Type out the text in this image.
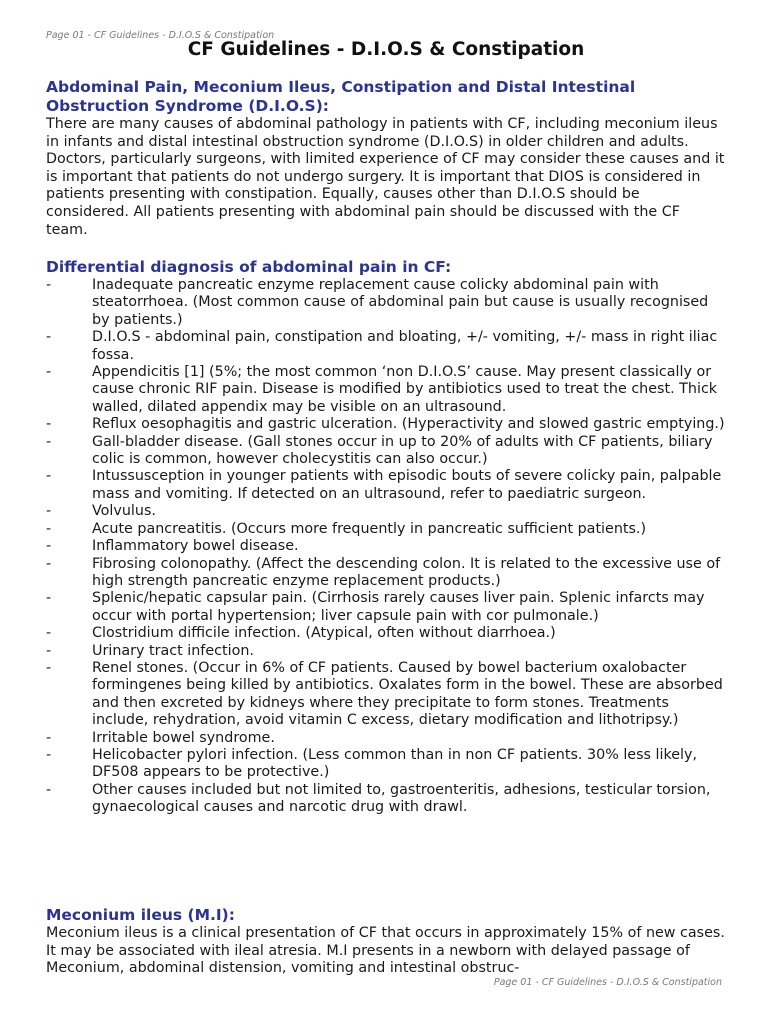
Page 01 - CF Guidelines - D.I.O.S & Constipation
CF Guidelines - D.I.O.S & Constipation
Abdominal Pain, Meconium Ileus, Constipation and Distal Intestinal Obstruction Syndrome (D.I.O.S):

There are many causes of abdominal pathology in patients with CF, including meconium ileus in infants and distal intestinal obstruction syndrome (D.I.O.S) in older children and adults. Doctors, particularly surgeons, with limited experience of CF may consider these causes and it is important that patients do not undergo surgery. It is important that DIOS is considered in patients presenting with constipation. Equally, causes other than D.I.O.S should be considered. All patients presenting with abdominal pain should be discussed with the CF team.

Differential diagnosis of abdominal pain in CF:
-	Inadequate pancreatic enzyme replacement cause colicky abdominal pain with steatorrhoea. (Most common cause of abdominal pain but cause is usually recognised by patients.)
-	D.I.O.S - abdominal pain, constipation and bloating, +/- vomiting, +/- mass in right iliac fossa.
-	Appendicitis [1] (5%; the most common ‘non D.I.O.S’ cause. May present classically or cause chronic RIF pain. Disease is modified by antibiotics used to treat the chest. Thick walled, dilated appendix may be visible on an ultrasound.
-	Reflux oesophagitis and gastric ulceration. (Hyperactivity and slowed gastric emptying.)
-	Gall-bladder disease. (Gall stones occur in up to 20% of adults with CF patients, biliary colic is common, however cholecystitis can also occur.)
-	Intussusception in younger patients with episodic bouts of severe colicky pain, palpable mass and vomiting. If detected on an ultrasound, refer to paediatric surgeon.
-	Volvulus.
-	Acute pancreatitis. (Occurs more frequently in pancreatic sufficient patients.)
-	Inflammatory bowel disease.
-	Fibrosing colonopathy. (Affect the descending colon. It is related to the excessive use of high strength pancreatic enzyme replacement products.)
-	Splenic/hepatic capsular pain. (Cirrhosis rarely causes liver pain. Splenic infarcts may occur with portal hypertension; liver capsule pain with cor pulmonale.)
-	Clostridium difficile infection. (Atypical, often without diarrhoea.)
-	Urinary tract infection.
-	Renel stones. (Occur in 6% of CF patients. Caused by bowel bacterium oxalobacter formingenes being killed by antibiotics. Oxalates form in the bowel. These are absorbed and then excreted by kidneys where they precipitate to form stones. Treatments include, rehydration, avoid vitamin C excess, dietary modification and lithotripsy.)
-	Irritable bowel syndrome.
-	Helicobacter pylori infection. (Less common than in non CF patients. 30% less likely, DF508 appears to be protective.)
-	Other causes included but not limited to, gastroenteritis, adhesions, testicular torsion, gynaecological causes and narcotic drug with drawl.
Meconium ileus (M.I):

Meconium ileus is a clinical presentation of CF that occurs in approximately 15% of new cases. It may be associated with ileal atresia. M.I presents in a newborn with delayed passage of Meconium, abdominal distension, vomiting and intestinal obstruc-

Page 01 - CF Guidelines - D.I.O.S & Constipation
